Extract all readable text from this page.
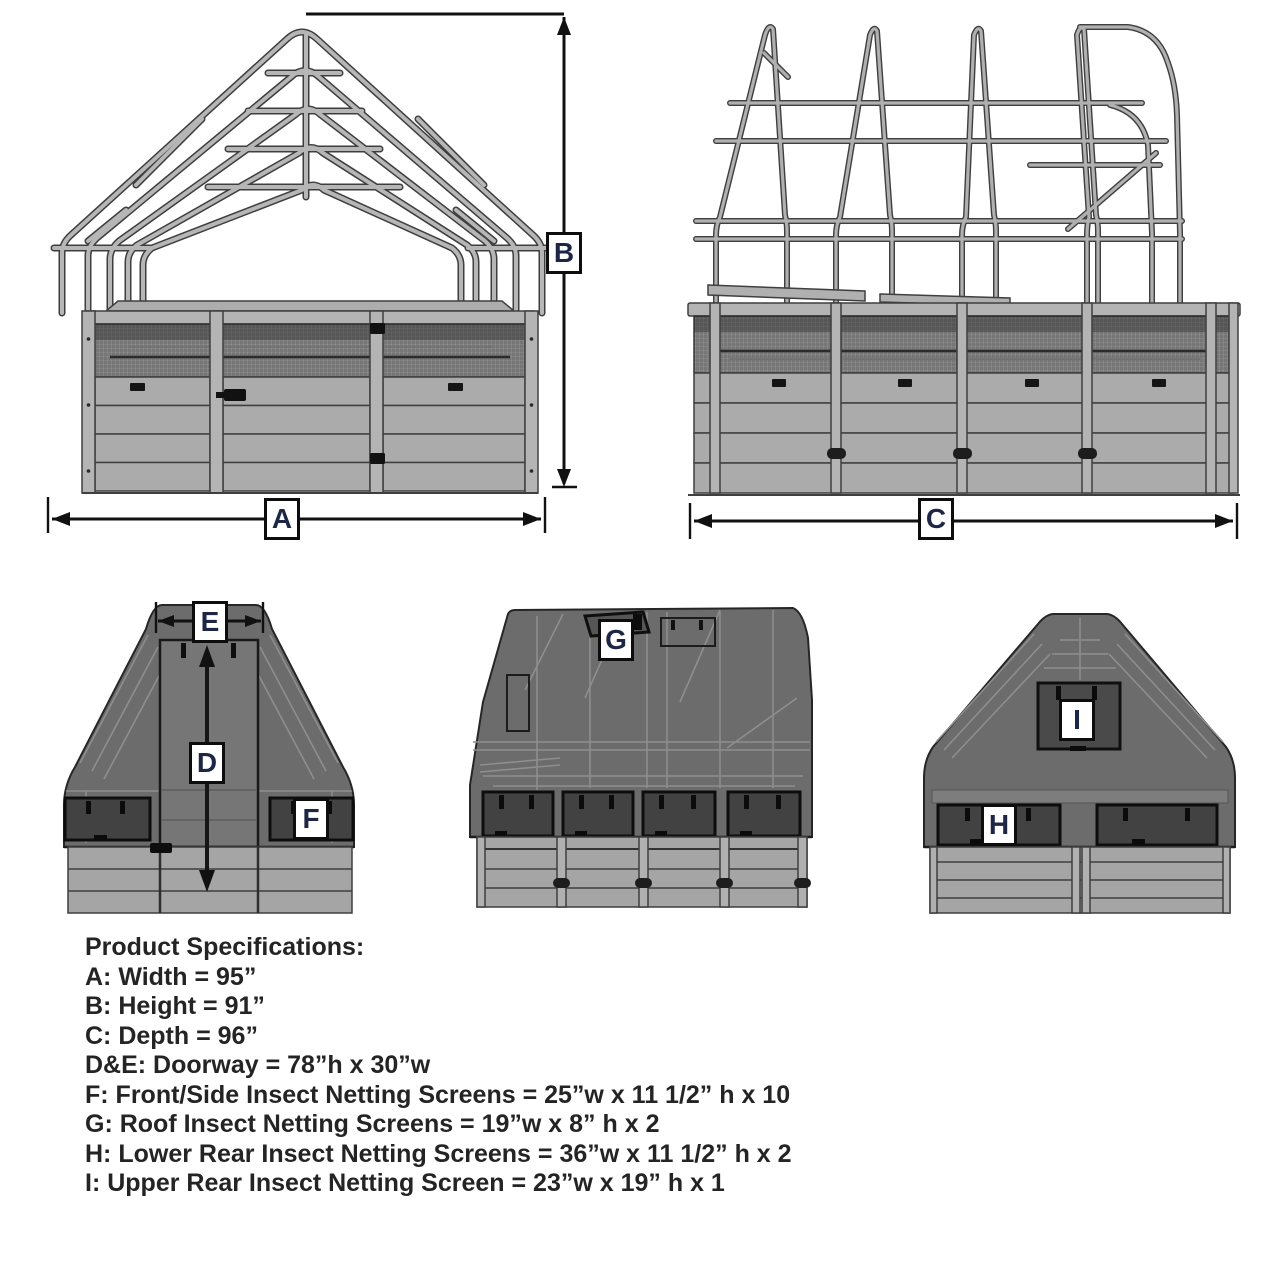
A
B
C
E
D
F
G
I
H
Product Specifications:
A: Width = 95”
B: Height = 91”
C: Depth = 96”
D&E: Doorway = 78”h x 30”w
F: Front/Side Insect Netting Screens = 25”w x 11 1/2” h x 10
G: Roof Insect Netting Screens = 19”w x 8” h x 2
H: Lower Rear Insect Netting Screens = 36”w x 11 1/2” h x 2
I: Upper Rear Insect Netting Screen = 23”w x 19” h x 1
